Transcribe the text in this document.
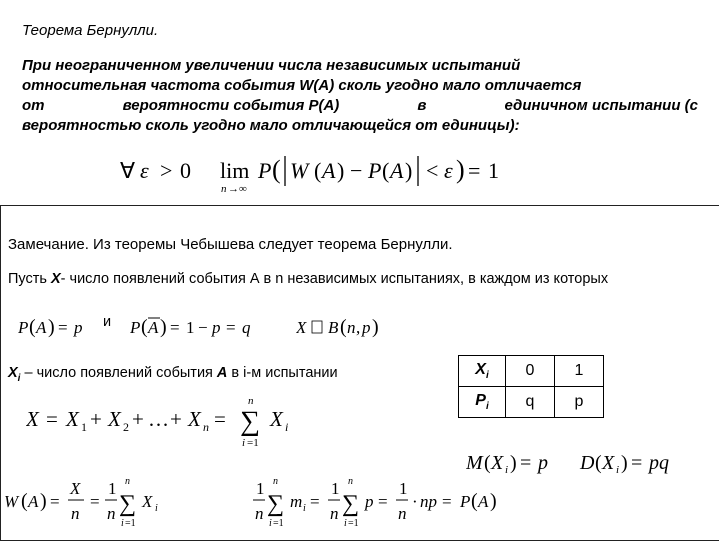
Теорема Бернулли.
При неограниченном увеличении числа независимых испытаний
относительная частота события W(A) сколь угодно мало отличается
от	вероятности события P(A)	в	единичном испытании (с
вероятностью сколь угодно мало отличающейся от единицы):
∀ ε > 0 lim
n →∞
P ( W ( A ) − P ( A ) < ε ) = 1
Замечание. Из теоремы Чебышева следует теорема Бернулли.
Пусть X- число появлений события А в n независимых испытаниях, в каждом из которых
P ( A ) = p и P ( A ) = 1 − p = q	X B ( n , p )
$X_i$ – число появлений события A в i-м испытании	$X_i$	0	1
$P_i$	q	p
X = X 1 + X 2 + … + X n =
n
∑
i =1
X i
M ( X i ) = p D ( X i ) = pq
W ( A ) =
X
n
=
1
n
n
∑
i =1
X i
1
n
n
∑
i =1
m i =
1
n
n
∑
i =1
p =
1
n
· np = P ( A )
